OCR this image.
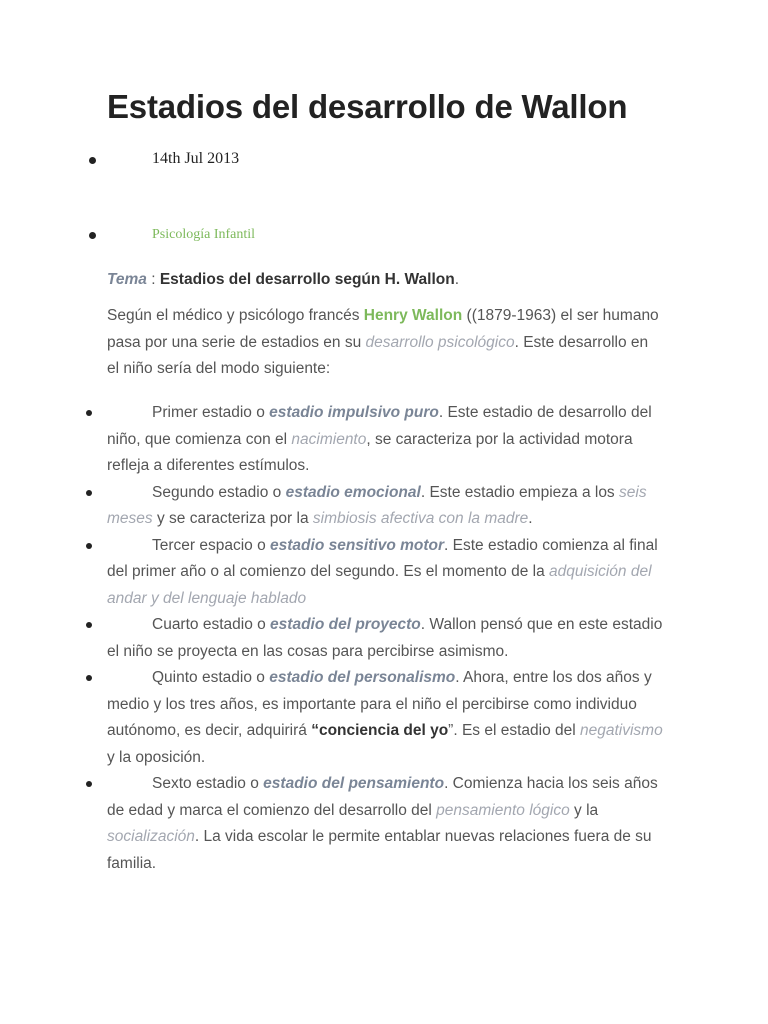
Estadios del desarrollo de Wallon
14th Jul 2013
Psicología Infantil

Tema : Estadios del desarrollo según H. Wallon.

Según el médico y psicólogo francés Henry Wallon ((1879-1963) el ser humano pasa por una serie de estadios en su desarrollo psicológico. Este desarrollo en el niño sería del modo siguiente:

Primer estadio o estadio impulsivo puro. Este estadio de desarrollo del niño, que comienza con el nacimiento, se caracteriza por la actividad motora refleja a diferentes estímulos.
Segundo estadio o estadio emocional. Este estadio empieza a los seis meses y se caracteriza por la simbiosis afectiva con la madre.
Tercer espacio o estadio sensitivo motor. Este estadio comienza al final del primer año o al comienzo del segundo. Es el momento de la adquisición del andar y del lenguaje hablado
Cuarto estadio o estadio del proyecto. Wallon pensó que en este estadio el niño se proyecta en las cosas para percibirse asimismo.
Quinto estadio o estadio del personalismo. Ahora, entre los dos años y medio y los tres años, es importante para el niño el percibirse como individuo autónomo, es decir, adquirirá “conciencia del yo”. Es el estadio del negativismo y la oposición.
Sexto estadio o estadio del pensamiento. Comienza hacia los seis años de edad y marca el comienzo del desarrollo del pensamiento lógico y la socialización. La vida escolar le permite entablar nuevas relaciones fuera de su familia.
